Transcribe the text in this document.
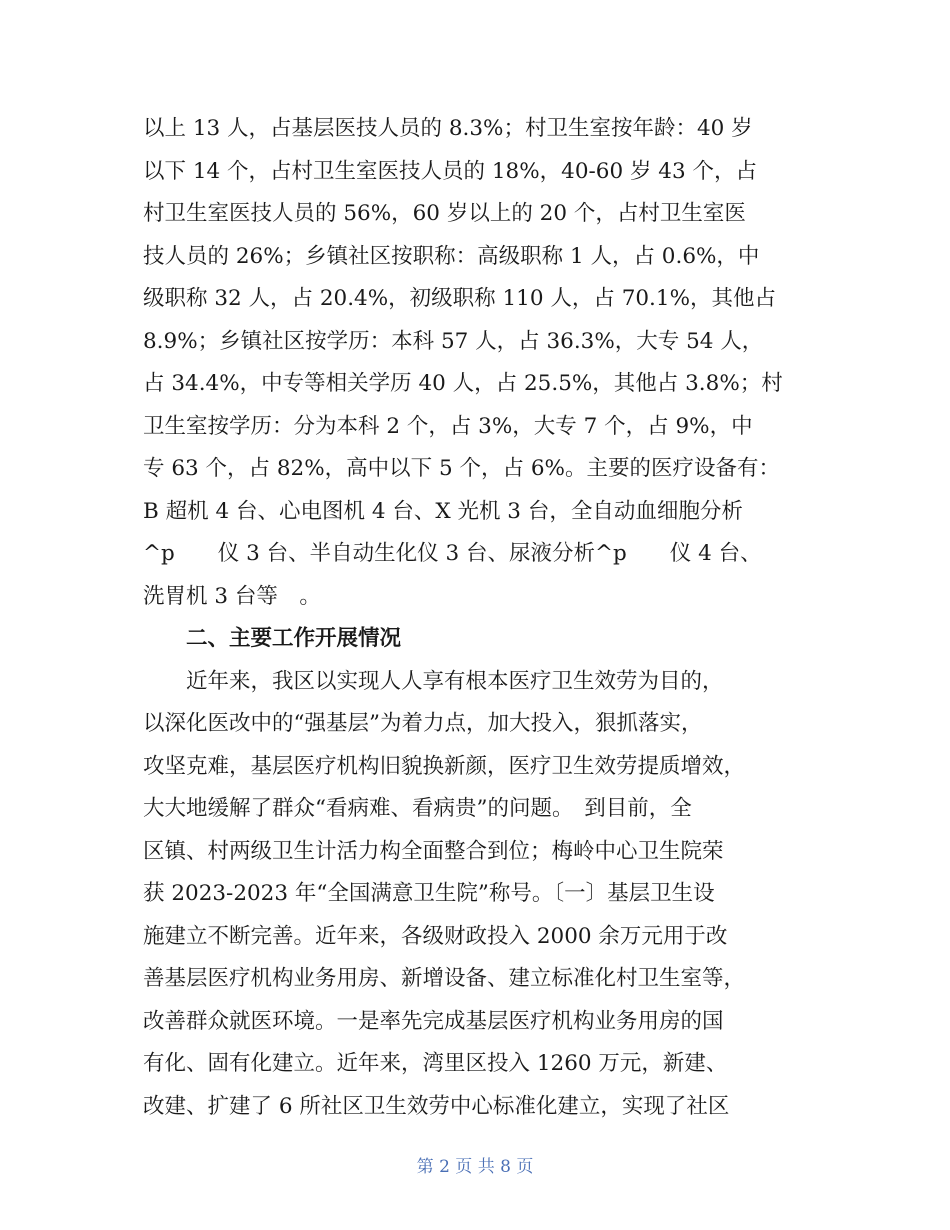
以上 13 人，占基层医技人员的 8.3%；村卫生室按年龄：40 岁
以下 14 个，占村卫生室医技人员的 18%，40-60 岁 43 个，占
村卫生室医技人员的 56%，60 岁以上的 20 个，占村卫生室医
技人员的 26%；乡镇社区按职称：高级职称 1 人，占 0.6%，中
级职称 32 人，占 20.4%，初级职称 110 人，占 70.1%，其他占
8.9%；乡镇社区按学历：本科 57 人，占 36.3%，大专 54 人，
占 34.4%，中专等相关学历 40 人，占 25.5%，其他占 3.8%；村
卫生室按学历：分为本科 2 个，占 3%，大专 7 个，占 9%，中
专 63 个，占 82%，高中以下 5 个，占 6%。主要的医疗设备有：
B 超机 4 台、心电图机 4 台、X 光机 3 台，全自动血细胞分析
^p　　仪 3 台、半自动生化仪 3 台、尿液分析^p　　仪 4 台、
洗胃机 3 台等　。
二、主要工作开展情况
近年来，我区以实现人人享有根本医疗卫生效劳为目的，
以深化医改中的“强基层”为着力点，加大投入，狠抓落实，
攻坚克难，基层医疗机构旧貌换新颜，医疗卫生效劳提质增效，
大大地缓解了群众“看病难、看病贵”的问题。　到目前，全
区镇、村两级卫生计活力构全面整合到位；梅岭中心卫生院荣
获 2023-2023 年“全国满意卫生院”称号。〔一〕基层卫生设
施建立不断完善。近年来，各级财政投入 2000 余万元用于改
善基层医疗机构业务用房、新增设备、建立标准化村卫生室等，
改善群众就医环境。一是率先完成基层医疗机构业务用房的国
有化、固有化建立。近年来，湾里区投入 1260 万元，新建、
改建、扩建了 6 所社区卫生效劳中心标准化建立，实现了社区
第 2 页 共 8 页
